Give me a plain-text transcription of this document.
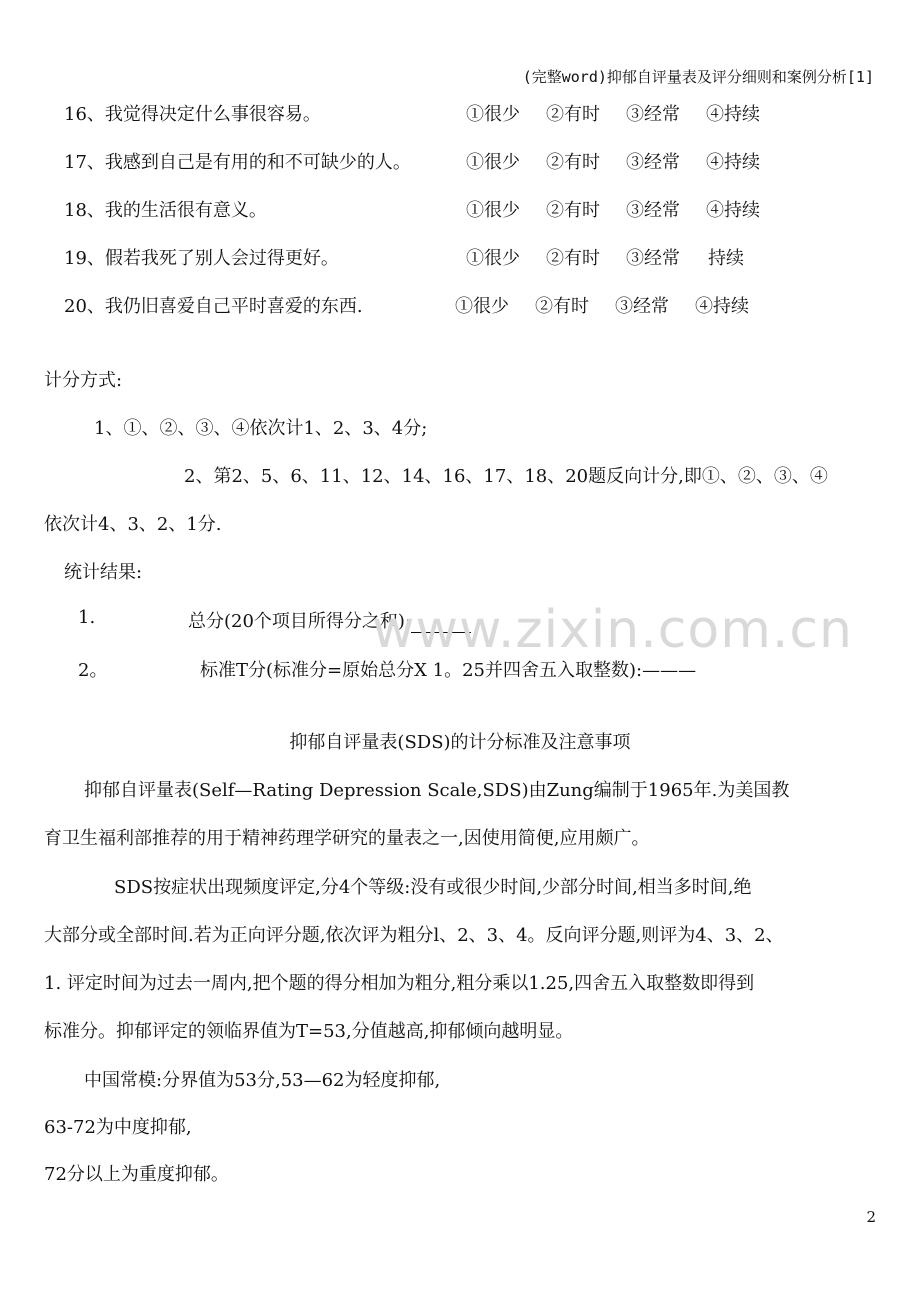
(完整word)抑郁自评量表及评分细则和案例分析[1]
16、我觉得决定什么事很容易。	①很少 ②有时 ③经常 ④持续
17、我感到自己是有用的和不可缺少的人。	①很少 ②有时 ③经常 ④持续
18、我的生活很有意义。	①很少 ②有时 ③经常 ④持续
19、假若我死了别人会过得更好。	①很少 ②有时 ③经常 持续
20、我仍旧喜爱自己平时喜爱的东西.	①很少 ②有时 ③经常 ④持续
计分方式:
1、①、②、③、④依次计1、2、3、4分;
2、第2、5、6、11、12、14、16、17、18、20题反向计分,即①、②、③、④
依次计4、3、2、1分.
统计结果:
1.	总分(20个项目所得分之和):
www.zixin.com.cn
2。	标准T分(标准分=原始总分X 1。25并四舍五入取整数):———
抑郁自评量表(SDS)的计分标准及注意事项
抑郁自评量表(Self—Rating Depression Scale,SDS)由Zung编制于1965年.为美国教
育卫生福利部推荐的用于精神药理学研究的量表之一,因使用简便,应用颇广。
SDS按症状出现频度评定,分4个等级:没有或很少时间,少部分时间,相当多时间,绝
大部分或全部时间.若为正向评分题,依次评为粗分l、2、3、4。反向评分题,则评为4、3、2、
1. 评定时间为过去一周内,把个题的得分相加为粗分,粗分乘以1.25,四舍五入取整数即得到
标准分。抑郁评定的领临界值为T=53,分值越高,抑郁倾向越明显。
中国常模:分界值为53分,53—62为轻度抑郁,
63-72为中度抑郁,
72分以上为重度抑郁。
2
